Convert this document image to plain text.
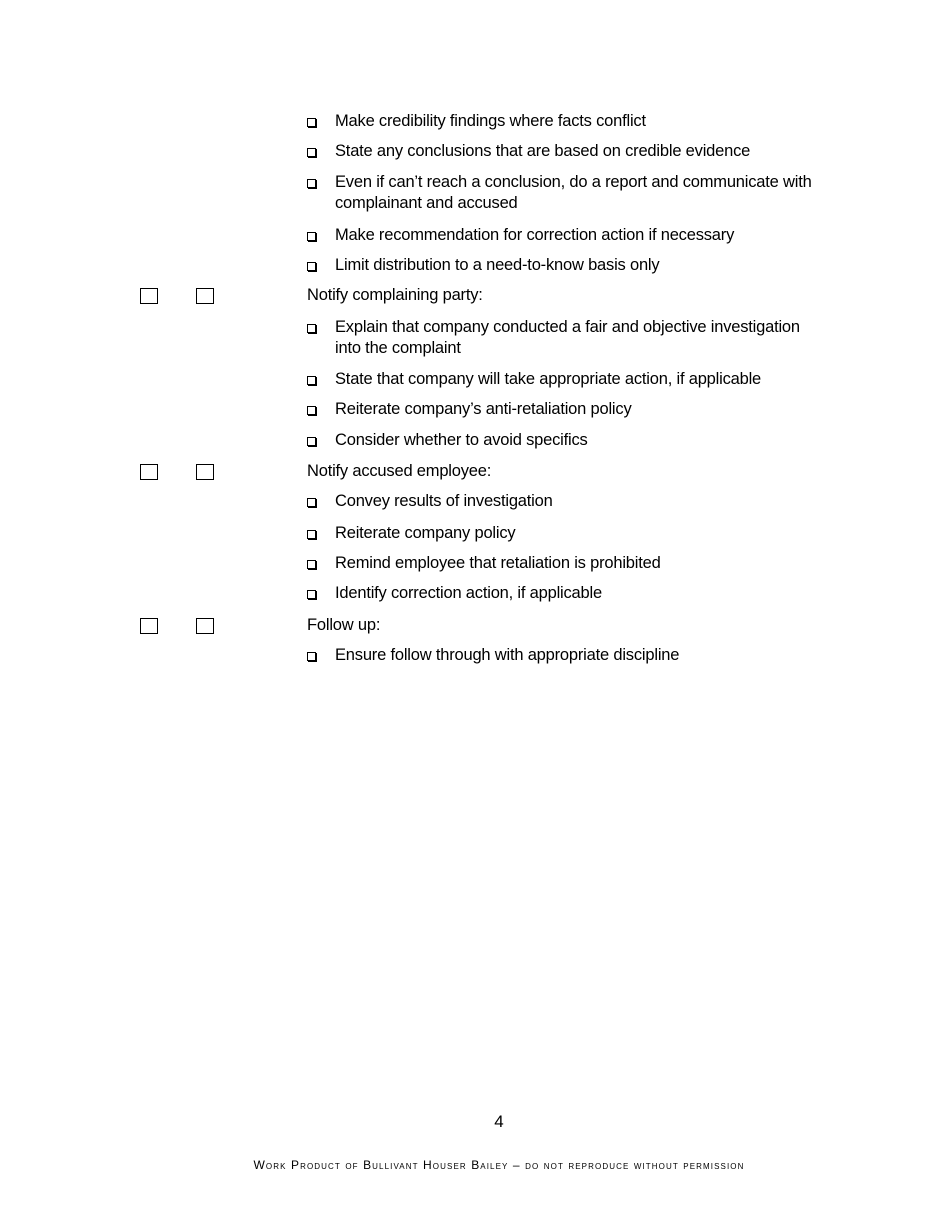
Make credibility findings where facts conflict
State any conclusions that are based on credible evidence
Even if can’t reach a conclusion, do a report and communicate with complainant and accused
Make recommendation for correction action if necessary
Limit distribution to a need-to-know basis only
Notify complaining party:
Explain that company conducted a fair and objective investigation into the complaint
State that company will take appropriate action, if applicable
Reiterate company’s anti-retaliation policy
Consider whether to avoid specifics
Notify accused employee:
Convey results of investigation
Reiterate company policy
Remind employee that retaliation is prohibited
Identify correction action, if applicable
Follow up:
Ensure follow through with appropriate discipline
4
Work Product of Bullivant Houser Bailey – do not reproduce without permission
